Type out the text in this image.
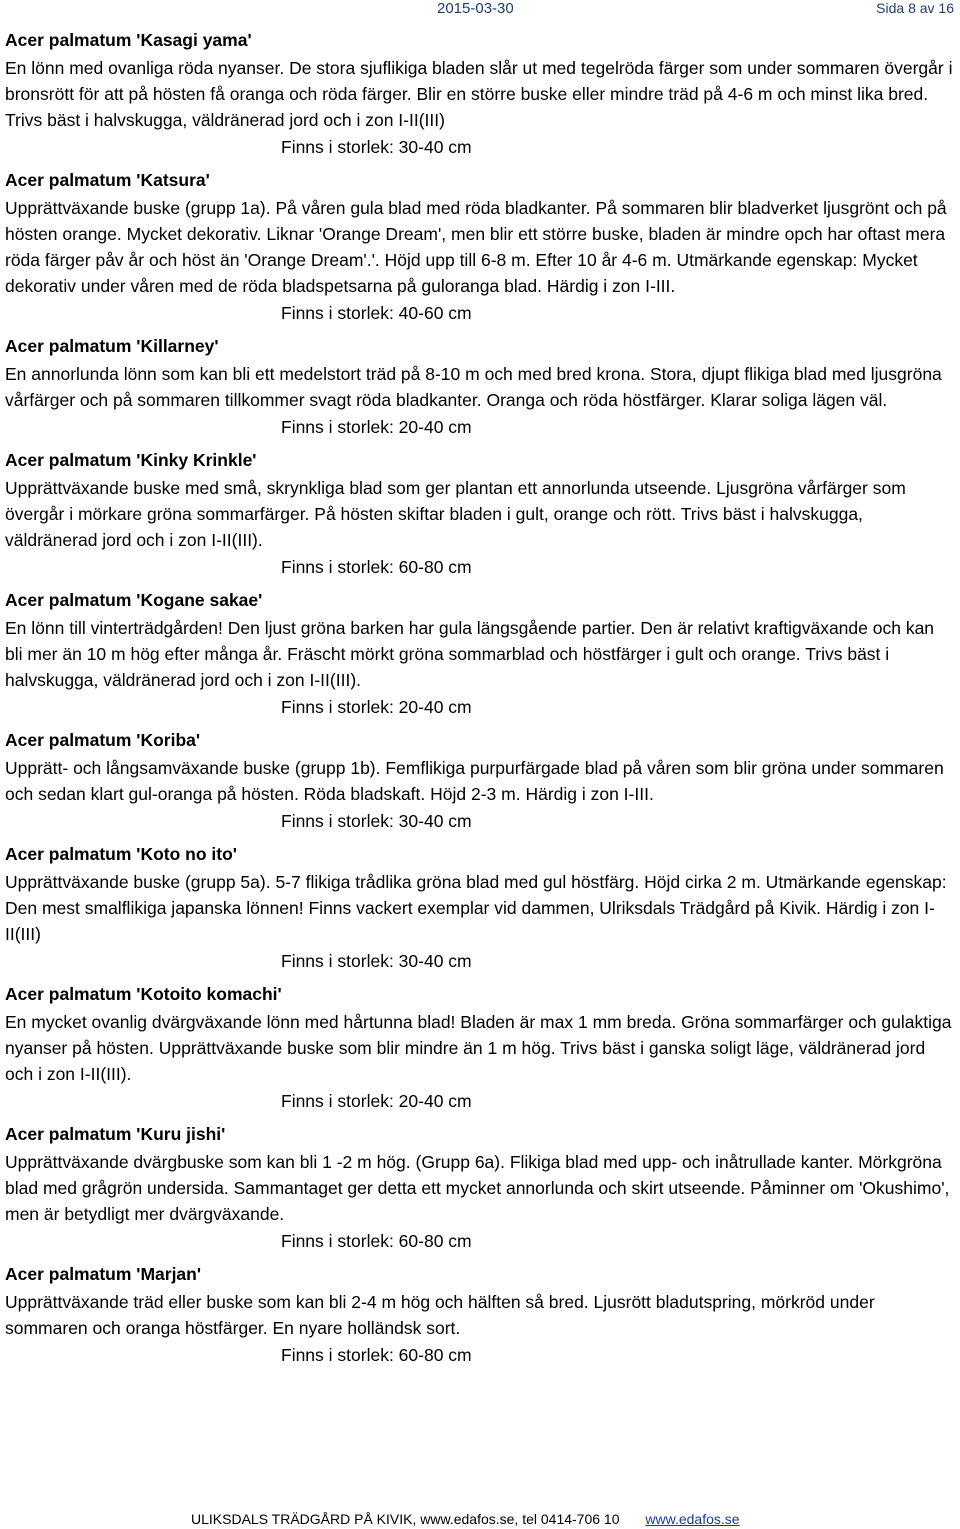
2015-03-30	Sida 8 av 16
Acer palmatum 'Kasagi yama'
En lönn med ovanliga röda nyanser. De stora sjuflikiga bladen slår ut med tegelröda färger som under sommaren övergår i bronsrött för att på hösten få oranga och röda färger. Blir en större buske eller mindre träd på 4-6 m och minst lika bred. Trivs bäst i halvskugga, väldränerad jord och i zon I-II(III)
Finns i storlek: 30-40 cm
Acer palmatum 'Katsura'
Upprättväxande buske (grupp 1a). På våren gula blad med röda bladkanter. På sommaren blir bladverket ljusgrönt och på hösten orange. Mycket dekorativ. Liknar 'Orange Dream', men blir ett större buske, bladen är mindre opch har oftast mera röda färger påv år och höst än 'Orange Dream'.'. Höjd upp till 6-8 m. Efter 10 år 4-6 m. Utmärkande egenskap: Mycket dekorativ under våren med de röda bladspetsarna på guloranga blad. Härdig i zon I-III.
Finns i storlek: 40-60 cm
Acer palmatum 'Killarney'
En annorlunda lönn som kan bli ett medelstort träd på 8-10 m och med bred krona. Stora, djupt flikiga blad med ljusgröna vårfärger och på sommaren tillkommer svagt röda bladkanter. Oranga och röda höstfärger. Klarar soliga lägen väl.
Finns i storlek: 20-40 cm
Acer palmatum 'Kinky Krinkle'
Upprättväxande buske med små, skrynkliga blad som ger plantan ett annorlunda utseende. Ljusgröna vårfärger som övergår i mörkare gröna sommarfärger. På hösten skiftar bladen i gult, orange och rött. Trivs bäst i halvskugga, väldränerad jord och i zon I-II(III).
Finns i storlek: 60-80 cm
Acer palmatum 'Kogane sakae'
En lönn till vinterträdgården! Den ljust gröna barken har gula längsgående partier. Den är relativt kraftigväxande och kan bli mer än 10 m hög efter många år. Fräscht mörkt gröna sommarblad och höstfärger i gult och orange. Trivs bäst i halvskugga, väldränerad jord och i zon I-II(III).
Finns i storlek: 20-40 cm
Acer palmatum 'Koriba'
Upprätt- och långsamväxande buske (grupp 1b). Femflikiga purpurfärgade blad på våren som blir gröna under sommaren och sedan klart gul-oranga på hösten. Röda bladskaft. Höjd 2-3 m. Härdig i zon I-III.
Finns i storlek: 30-40 cm
Acer palmatum 'Koto no ito'
Upprättväxande buske (grupp 5a). 5-7 flikiga trådlika gröna blad med gul höstfärg. Höjd cirka 2 m. Utmärkande egenskap: Den mest smalflikiga japanska lönnen! Finns vackert exemplar vid dammen, Ulriksdals Trädgård på Kivik. Härdig i zon I-II(III)
Finns i storlek: 30-40 cm
Acer palmatum 'Kotoito komachi'
En mycket ovanlig dvärgväxande lönn med hårtunna blad! Bladen är max 1 mm breda. Gröna sommarfärger och gulaktiga nyanser på hösten. Upprättväxande buske som blir mindre än 1 m hög. Trivs bäst i ganska soligt läge, väldränerad jord och i zon I-II(III).
Finns i storlek: 20-40 cm
Acer palmatum 'Kuru jishi'
Upprättväxande dvärgbuske som kan bli 1 -2 m hög. (Grupp 6a). Flikiga blad med upp- och inåtrullade kanter. Mörkgröna blad med grågrön undersida. Sammantaget ger detta ett mycket annorlunda och skirt utseende. Påminner om 'Okushimo', men är betydligt mer dvärgväxande.
Finns i storlek: 60-80 cm
Acer palmatum 'Marjan'
Upprättväxande träd eller buske som kan bli 2-4 m hög och hälften så bred. Ljusrött bladutspring, mörkröd under sommaren och oranga höstfärger. En nyare holländsk sort.
Finns i storlek: 60-80 cm
ULIKSDALS TRÄDGÅRD PÅ KIVIK, www.edafos.se, tel 0414-706 10 www.edafos.se
